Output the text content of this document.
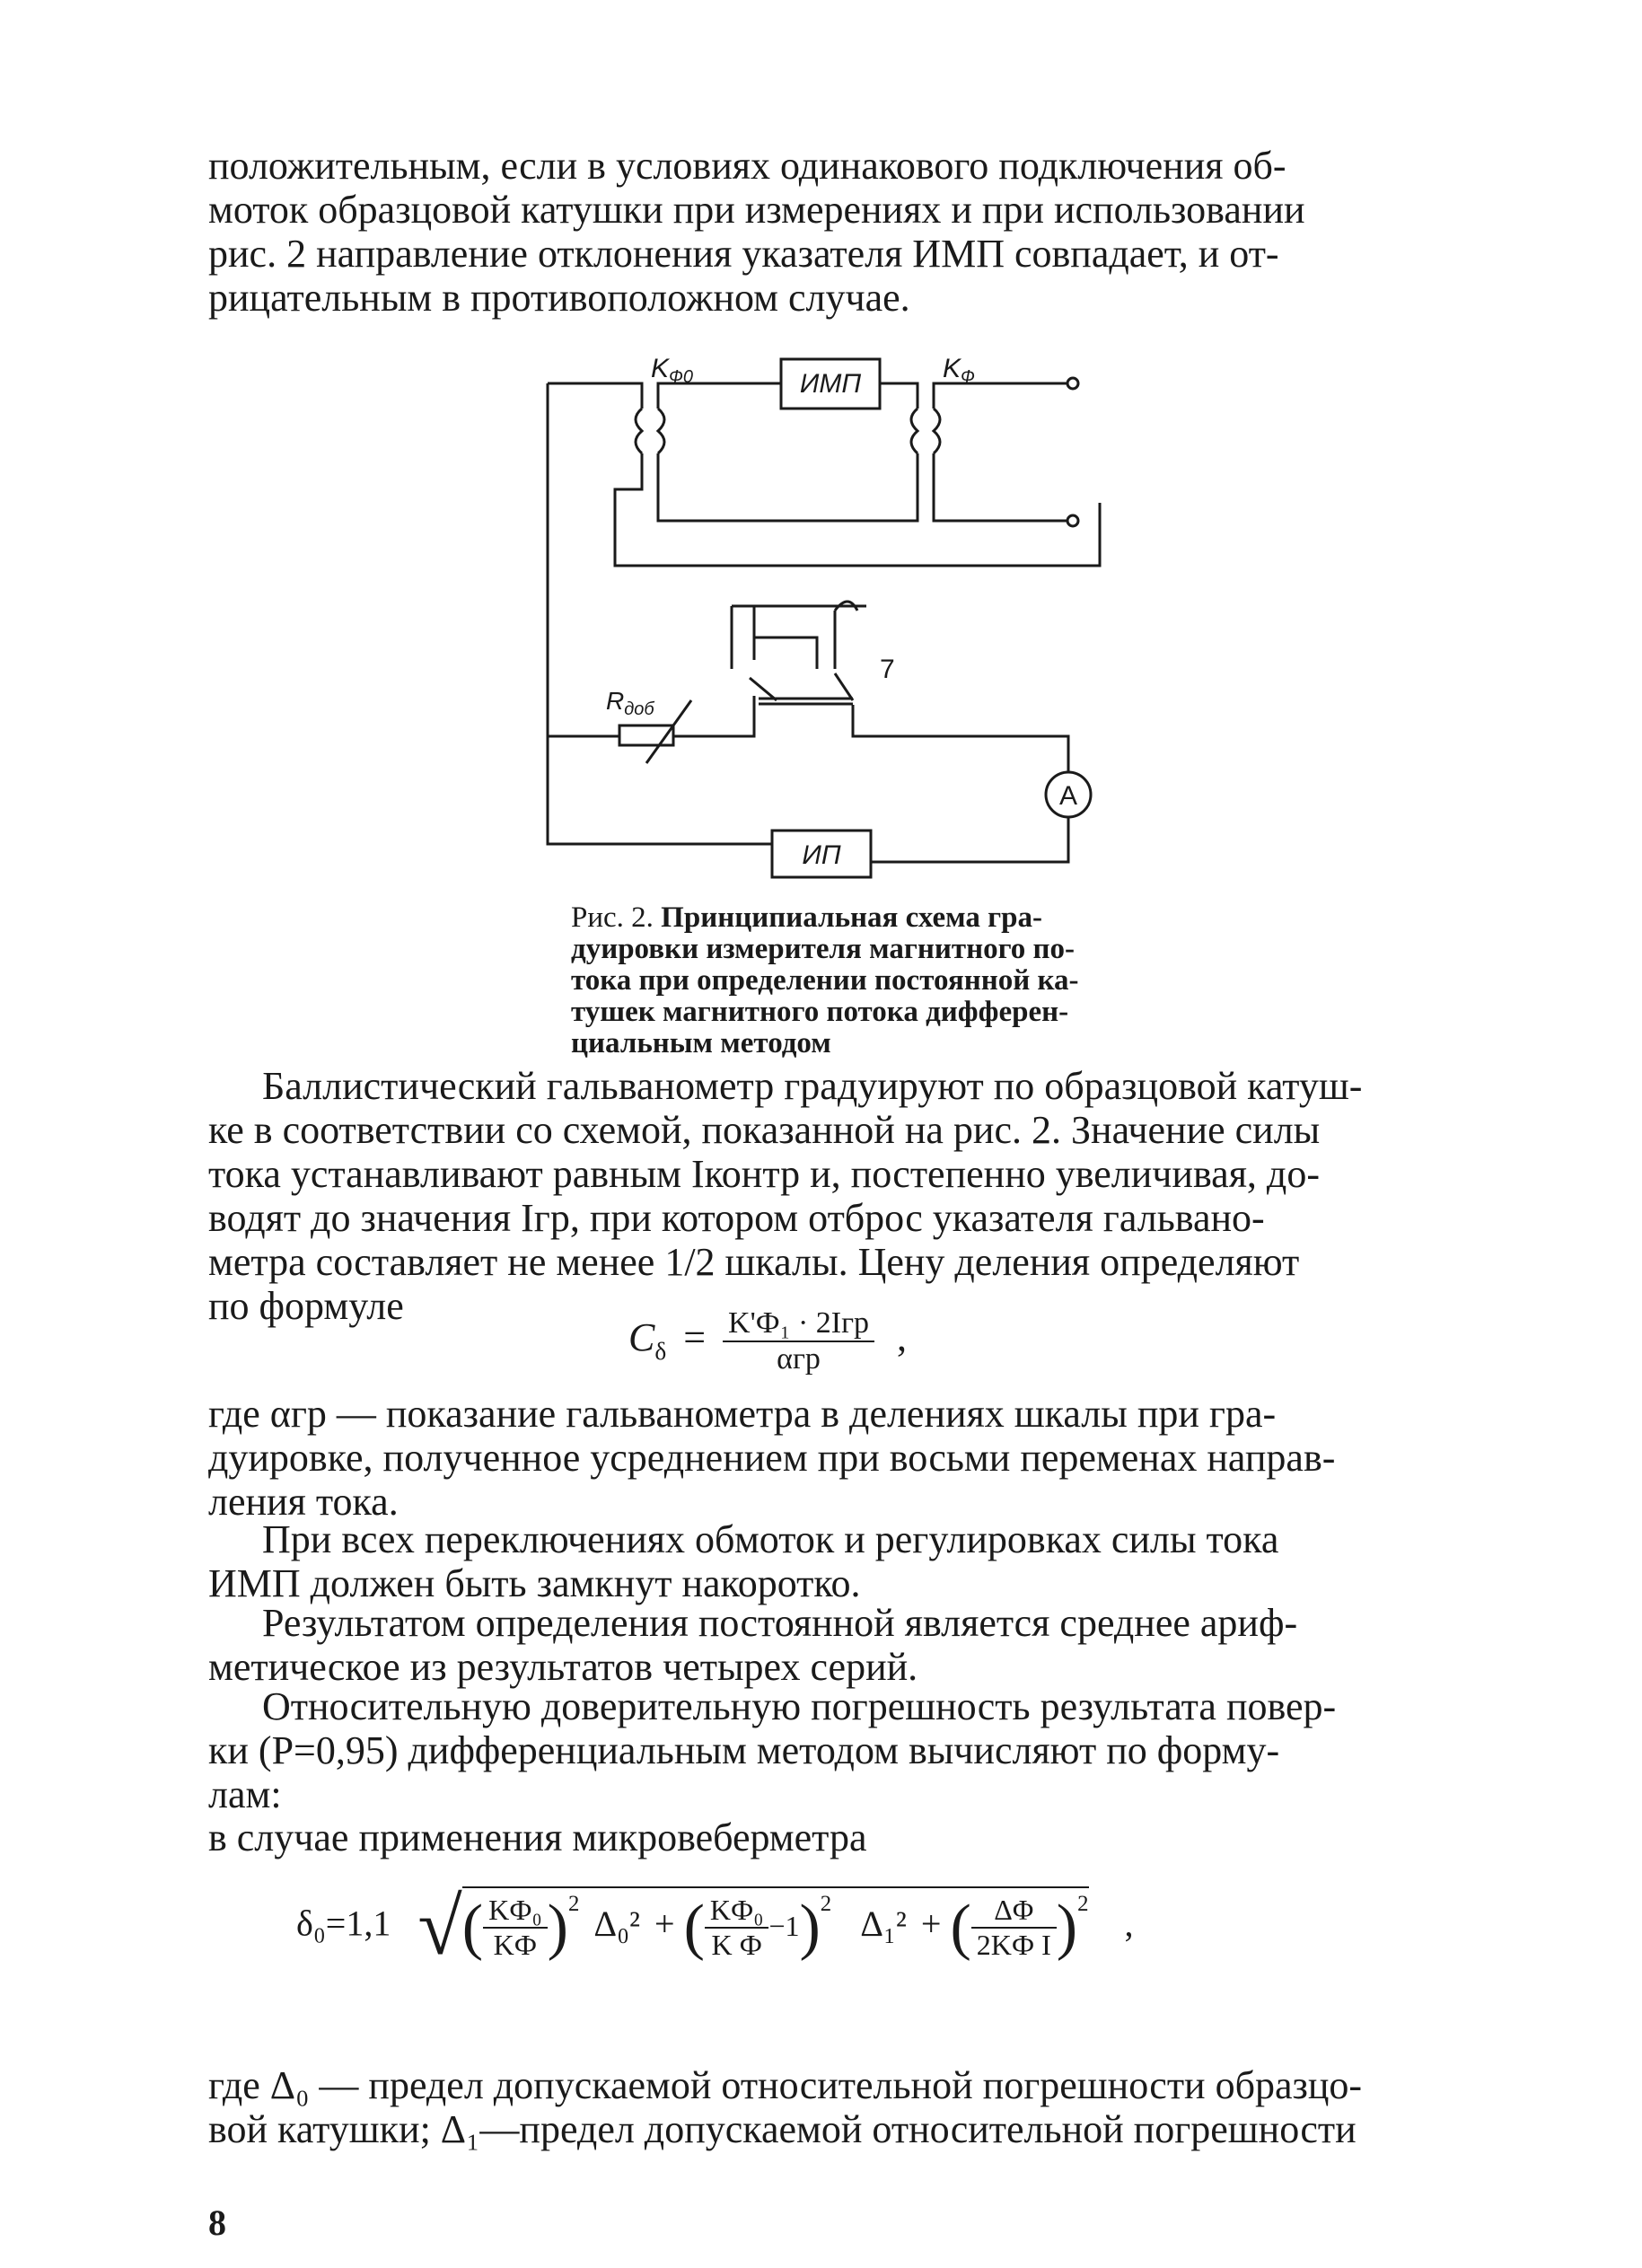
положительным, если в условиях одинакового подключения об-
моток образцовой катушки при измерениях и при использовании
рис. 2 направление отклонения указателя ИМП совпадает, и от-
рицательным в противоположном случае.
ИМП
ИП
А
$K_{Ф0}$	$K_Ф$
$R_{доб}$
7
Рис. 2. Принципиальная схема гра-
дуировки измерителя магнитного по-
тока при определении постоянной ка-
тушек магнитного потока дифферен-
циальным методом
Баллистический гальванометр градуируют по образцовой катуш-
ке в соответствии со схемой, показанной на рис. 2. Значение силы
тока устанавливают равным Iконтр и, постепенно увеличивая, до-
водят до значения Iгр, при котором отброс указателя гальвано-
метра составляет не менее 1/2 шкалы. Цену деления определяют
по формуле
$C_\delta = \frac{\text{K'Ф₁ · 2Iгр}}{\text{αгр}}$ ,
где αгр — показание гальванометра в делениях шкалы при гра-
дуировке, полученное усреднением при восьми переменах направ-
ления тока.
При всех переключениях обмоток и регулировках силы тока
ИМП должен быть замкнут накоротко.
Результатом определения постоянной является среднее ариф-
метическое из результатов четырех серий.
Относительную доверительную погрешность результата повер-
ки (P=0,95) дифференциальным методом вычисляют по форму-
лам:
в случае применения микровеберметра
δ₀=1,1 √( $\frac{\text{KФ₀}}{KФ} )^2$ Δ₀² + ( $\frac{\text{KФ₀}}{\text{K Ф}} -1)^2$ Δ₁² + ( $\frac{\Delta\Phi}{\text{2KФ I}} )^2$ ,
где Δ₀ — предел допускаемой относительной погрешности образцо-
вой катушки; Δ₁—предел допускаемой относительной погрешности
8
